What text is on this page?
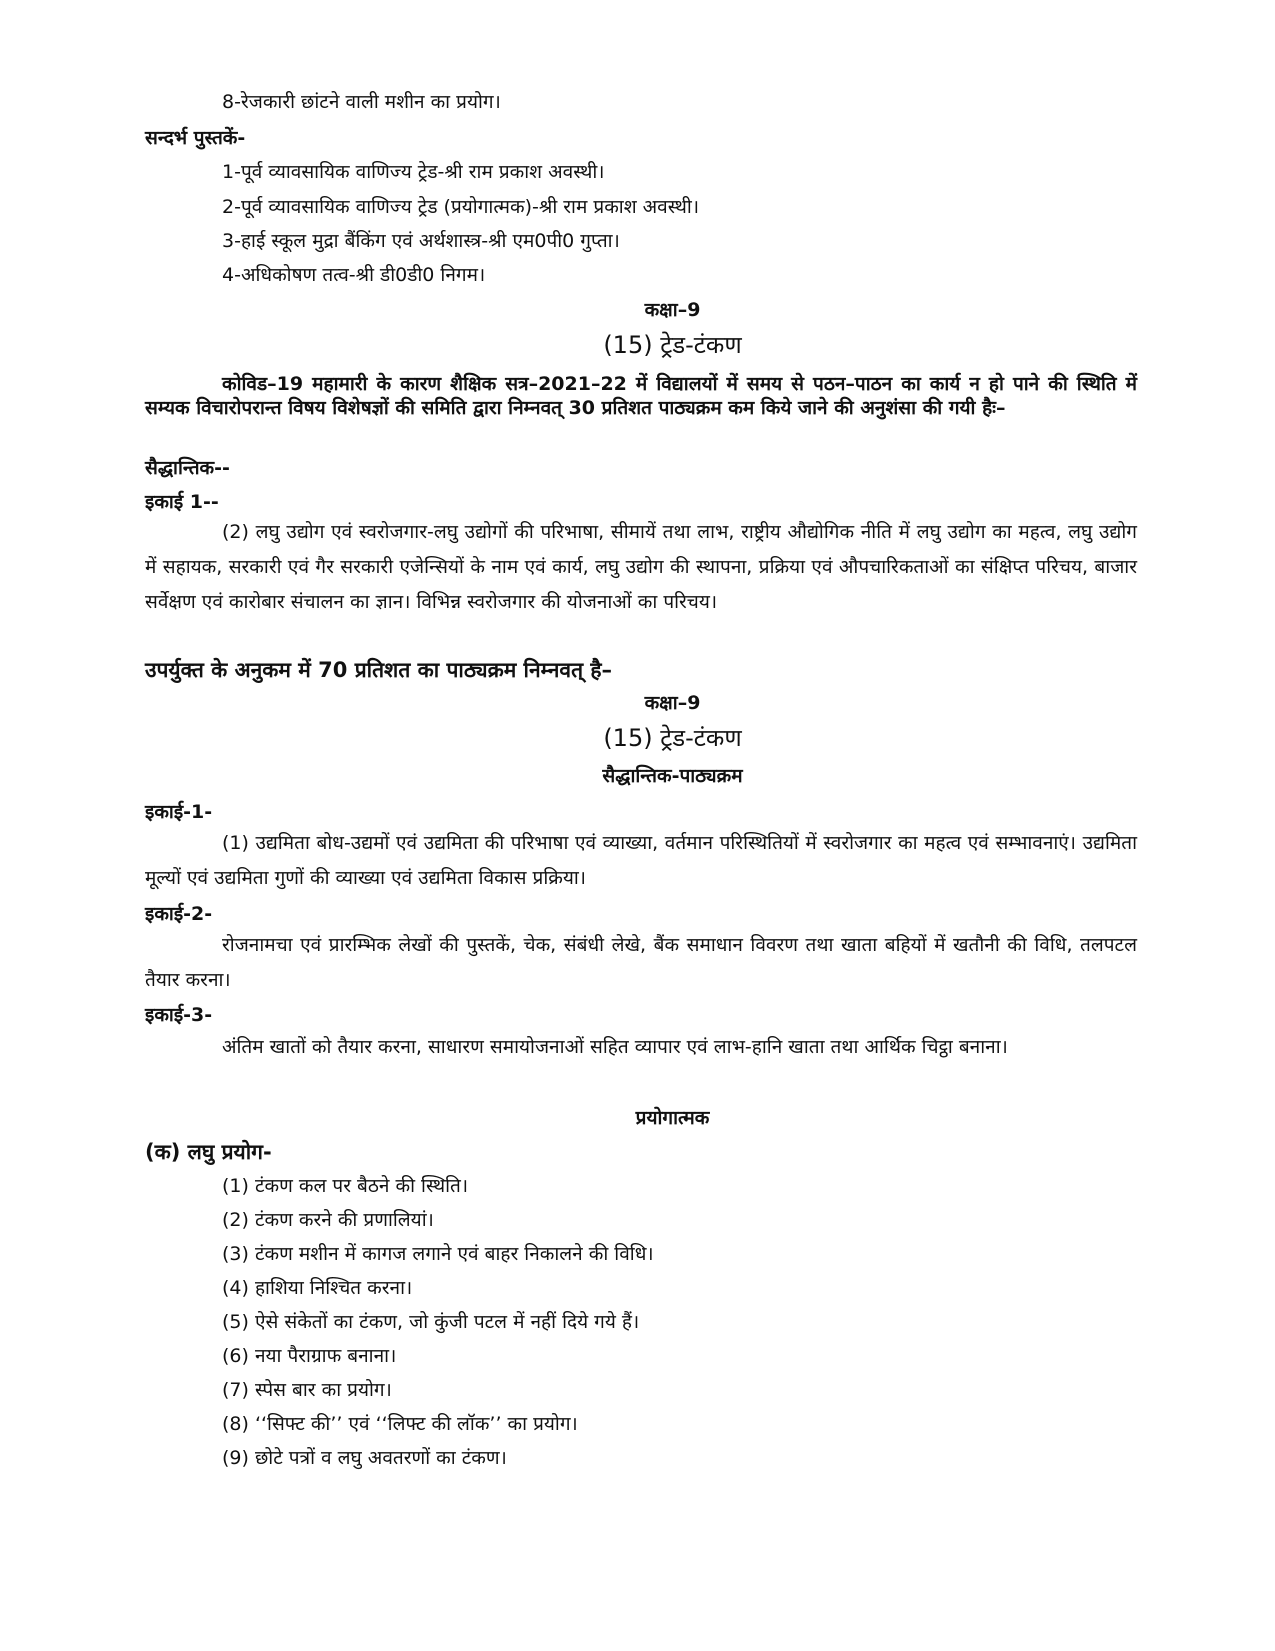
8-रेजकारी छांटने वाली मशीन का प्रयोग।
सन्दर्भ पुस्तकें-
1-पूर्व व्यावसायिक वाणिज्य ट्रेड-श्री राम प्रकाश अवस्थी।
2-पूर्व व्यावसायिक वाणिज्य ट्रेड (प्रयोगात्मक)-श्री राम प्रकाश अवस्थी।
3-हाई स्कूल मुद्रा बैंकिंग एवं अर्थशास्त्र-श्री एम0पी0 गुप्ता।
4-अधिकोषण तत्व-श्री डी0डी0 निगम।
कक्षा–9
(15) ट्रेड-टंकण
कोविड–19 महामारी के कारण शैक्षिक सत्र–2021–22 में विद्यालयों में समय से पठन–पाठन का कार्य न हो पाने की स्थिति में सम्यक विचारोपरान्त विषय विशेषज्ञों की समिति द्वारा निम्नवत् 30 प्रतिशत पाठ्यक्रम कम किये जाने की अनुशंसा की गयी हैः–
सैद्धान्तिक--
इकाई 1--
(2) लघु उद्योग एवं स्वरोजगार-लघु उद्योगों की परिभाषा, सीमायें तथा लाभ, राष्ट्रीय औद्योगिक नीति में लघु उद्योग का महत्व, लघु उद्योग में सहायक, सरकारी एवं गैर सरकारी एजेन्सियों के नाम एवं कार्य, लघु उद्योग की स्थापना, प्रक्रिया एवं औपचारिकताओं का संक्षिप्त परिचय, बाजार सर्वेक्षण एवं कारोबार संचालन का ज्ञान। विभिन्न स्वरोजगार की योजनाओं का परिचय।
उपर्युक्त के अनुकम में 70 प्रतिशत का पाठ्यक्रम निम्नवत् है–
कक्षा–9
(15) ट्रेड-टंकण
सैद्धान्तिक-पाठ्यक्रम
इकाई-1-
(1) उद्यमिता बोध-उद्यमों एवं उद्यमिता की परिभाषा एवं व्याख्या, वर्तमान परिस्थितियों में स्वरोजगार का महत्व एवं सम्भावनाएं। उद्यमिता मूल्यों एवं उद्यमिता गुणों की व्याख्या एवं उद्यमिता विकास प्रक्रिया।
इकाई-2-
रोजनामचा एवं प्रारम्भिक लेखों की पुस्तकें, चेक, संबंधी लेखे, बैंक समाधान विवरण तथा खाता बहियों में खतौनी की विधि, तलपटल तैयार करना।
इकाई-3-
अंतिम खातों को तैयार करना, साधारण समायोजनाओं सहित व्यापार एवं लाभ-हानि खाता तथा आर्थिक चिट्ठा बनाना।
प्रयोगात्मक
(क) लघु प्रयोग-
(1) टंकण कल पर बैठने की स्थिति।
(2) टंकण करने की प्रणालियां।
(3) टंकण मशीन में कागज लगाने एवं बाहर निकालने की विधि।
(4) हाशिया निश्चित करना।
(5) ऐसे संकेतों का टंकण, जो कुंजी पटल में नहीं दिये गये हैं।
(6) नया पैराग्राफ बनाना।
(7) स्पेस बार का प्रयोग।
(8) ‘‘सिफ्ट की’’ एवं ‘‘लिफ्ट की लॉक’’ का प्रयोग।
(9) छोटे पत्रों व लघु अवतरणों का टंकण।
